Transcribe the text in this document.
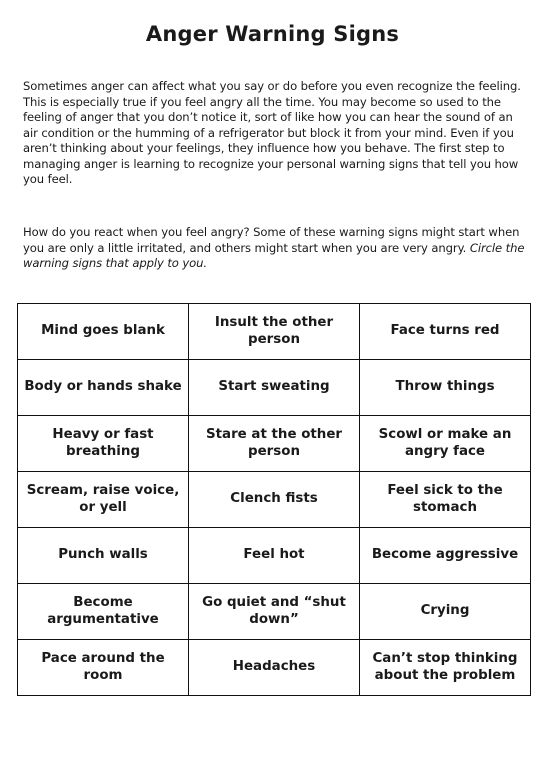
Anger Warning Signs

Sometimes anger can affect what you say or do before you even recognize the feeling. This is especially true if you feel angry all the time. You may become so used to the feeling of anger that you don’t notice it, sort of like how you can hear the sound of an air condition or the humming of a refrigerator but block it from your mind. Even if you aren’t thinking about your feelings, they influence how you behave. The first step to managing anger is learning to recognize your personal warning signs that tell you how you feel.

How do you react when you feel angry? Some of these warning signs might start when you are only a little irritated, and others might start when you are very angry. Circle the warning signs that apply to you.

Mind goes blank	Insult the other person	Face turns red
Body or hands shake	Start sweating	Throw things
Heavy or fast breathing	Stare at the other person	Scowl or make an angry face
Scream, raise voice, or yell	Clench fists	Feel sick to the stomach
Punch walls	Feel hot	Become aggressive
Become argumentative	Go quiet and “shut down”	Crying
Pace around the room	Headaches	Can’t stop thinking about the problem
